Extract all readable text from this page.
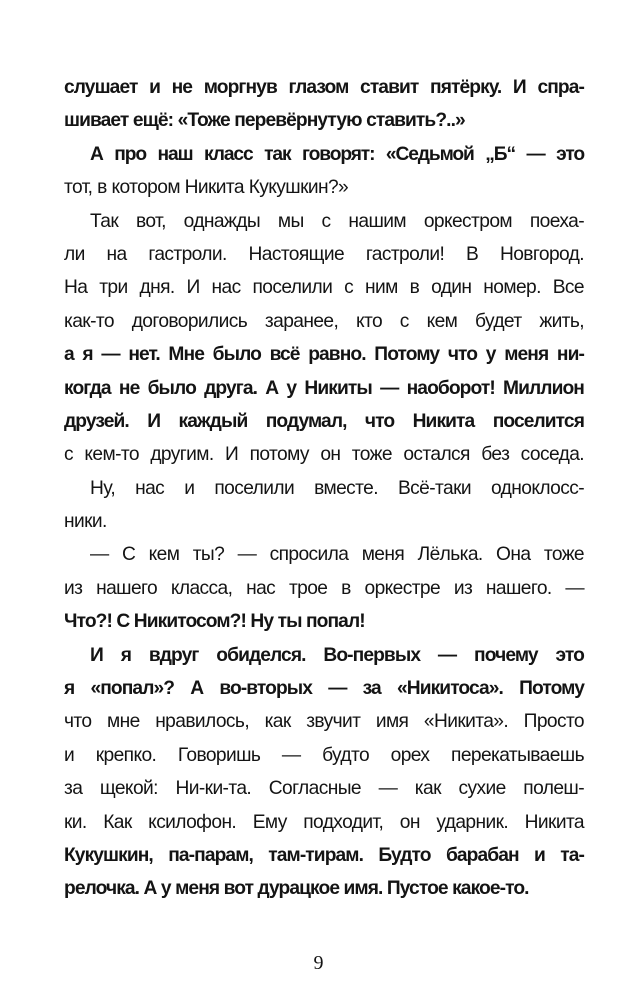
слушает и не моргнув глазом ставит пятёрку. И спра-
шивает ещё: «Тоже перевёрнутую ставить?..»
А про наш класс так говорят: «Седьмой „Б“ — это
тот, в котором Никита Кукушкин?»
Так вот, однажды мы с нашим оркестром поеха-
ли на гастроли. Настоящие гастроли! В Новгород.
На три дня. И нас поселили с ним в один номер. Все
как-то договорились заранее, кто с кем будет жить,
а я — нет. Мне было всё равно. Потому что у меня ни-
когда не было друга. А у Никиты — наоборот! Миллион
друзей. И каждый подумал, что Никита поселится
с кем-то другим. И потому он тоже остался без соседа.
Ну, нас и поселили вместе. Всё-таки одноклосс-
ники.
— С кем ты? — спросила меня Лёлька. Она тоже
из нашего класса, нас трое в оркестре из нашего. —
Что?! С Никитосом?! Ну ты попал!
И я вдруг обиделся. Во-первых — почему это
я «попал»? А во-вторых — за «Никитоса». Потому
что мне нравилось, как звучит имя «Никита». Просто
и крепко. Говоришь — будто орех перекатываешь
за щекой: Ни-ки-та. Согласные — как сухие полеш-
ки. Как ксилофон. Ему подходит, он ударник. Никита
Кукушкин, па-парам, там-тирам. Будто барабан и та-
релочка. А у меня вот дурацкое имя. Пустое какое-то.
9
